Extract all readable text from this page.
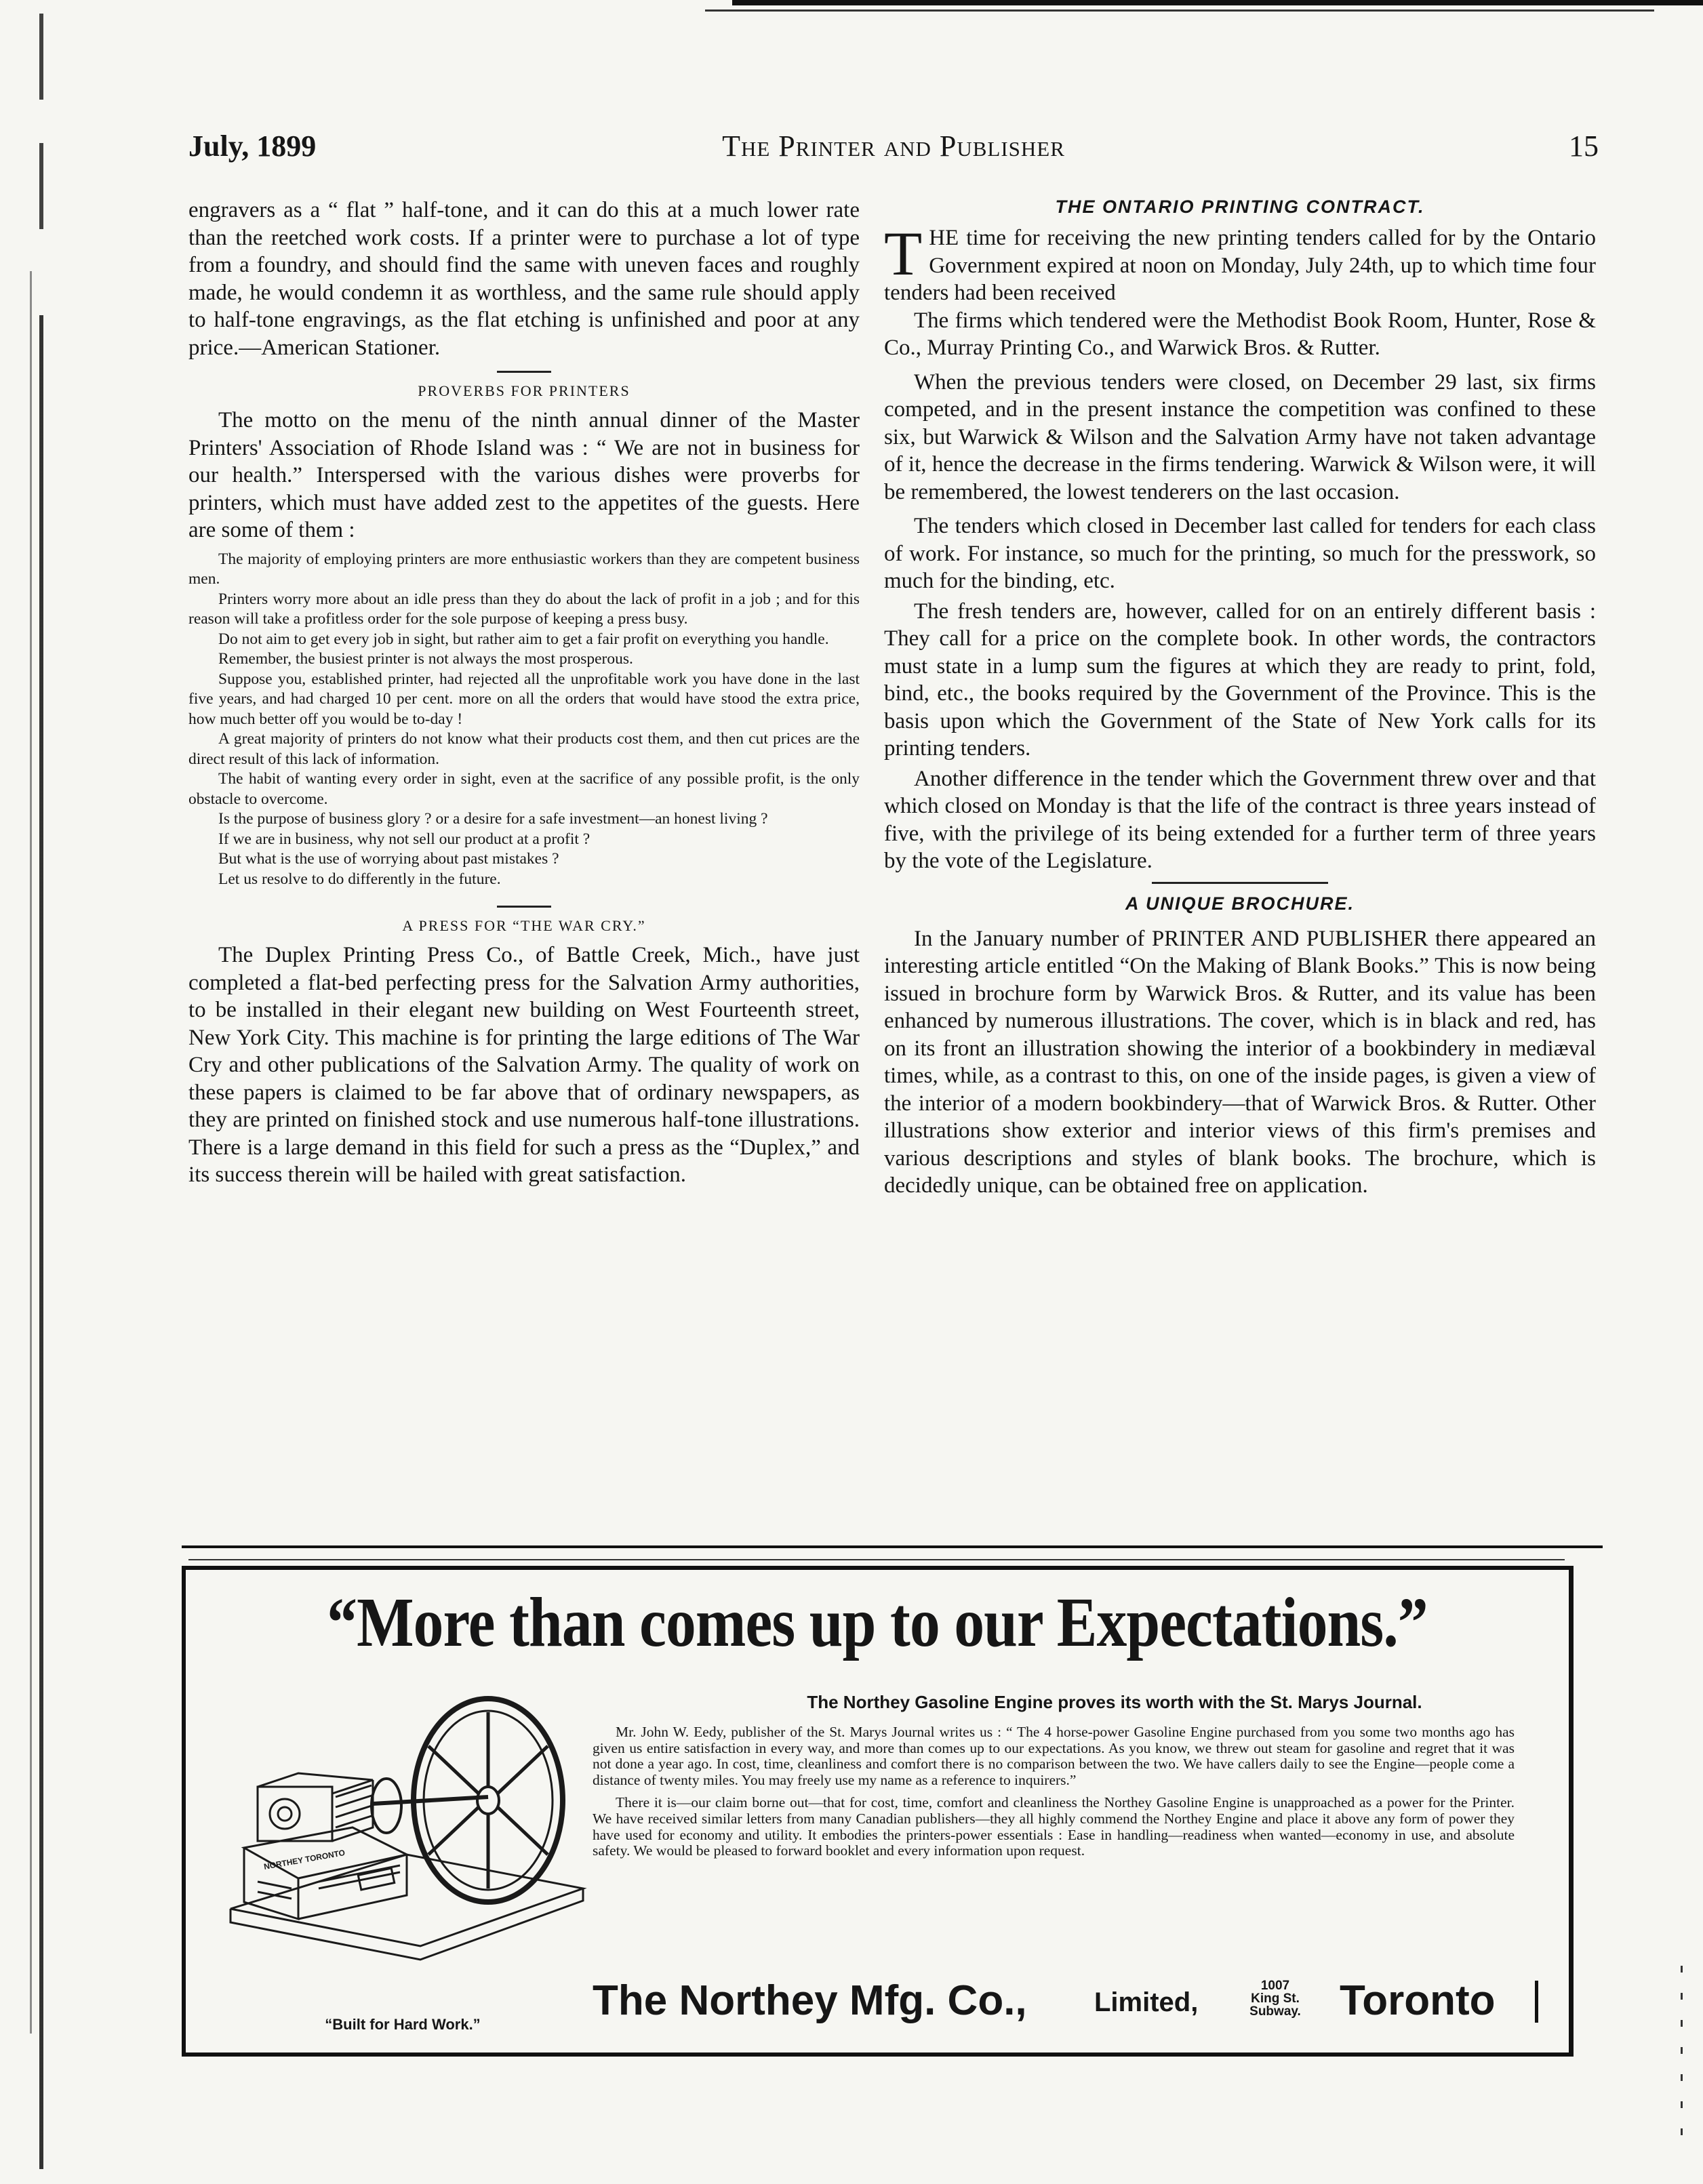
July, 1899	The Printer and Publisher	15

engravers as a “ flat ” half-tone, and it can do this at a much lower rate than the reetched work costs. If a printer were to purchase a lot of type from a foundry, and should find the same with uneven faces and roughly made, he would condemn it as worthless, and the same rule should apply to half-tone engravings, as the flat etching is unfinished and poor at any price.—American Stationer.

PROVERBS FOR PRINTERS

The motto on the menu of the ninth annual dinner of the Master Printers' Association of Rhode Island was : “ We are not in business for our health.” Interspersed with the various dishes were proverbs for printers, which must have added zest to the appetites of the guests. Here are some of them :

The majority of employing printers are more enthusiastic workers than they are competent business men.

Printers worry more about an idle press than they do about the lack of profit in a job ; and for this reason will take a profitless order for the sole purpose of keeping a press busy.

Do not aim to get every job in sight, but rather aim to get a fair profit on everything you handle.

Remember, the busiest printer is not always the most prosperous.

Suppose you, established printer, had rejected all the unprofitable work you have done in the last five years, and had charged 10 per cent. more on all the orders that would have stood the extra price, how much better off you would be to-day !

A great majority of printers do not know what their products cost them, and then cut prices are the direct result of this lack of information.

The habit of wanting every order in sight, even at the sacrifice of any possible profit, is the only obstacle to overcome.

Is the purpose of business glory ? or a desire for a safe investment—an honest living ?

If we are in business, why not sell our product at a profit ?

But what is the use of worrying about past mistakes ?

Let us resolve to do differently in the future.

A PRESS FOR “THE WAR CRY.”

The Duplex Printing Press Co., of Battle Creek, Mich., have just completed a flat-bed perfecting press for the Salvation Army authorities, to be installed in their elegant new building on West Fourteenth street, New York City. This machine is for printing the large editions of The War Cry and other publications of the Salvation Army. The quality of work on these papers is claimed to be far above that of ordinary newspapers, as they are printed on finished stock and use numerous half-tone illustrations. There is a large demand in this field for such a press as the “Duplex,” and its success therein will be hailed with great satisfaction.

THE ONTARIO PRINTING CONTRACT.

THE time for receiving the new printing tenders called for by the Ontario Government expired at noon on Monday, July 24th, up to which time four tenders had been received

The firms which tendered were the Methodist Book Room, Hunter, Rose & Co., Murray Printing Co., and Warwick Bros. & Rutter.

When the previous tenders were closed, on December 29 last, six firms competed, and in the present instance the competition was confined to these six, but Warwick & Wilson and the Salvation Army have not taken advantage of it, hence the decrease in the firms tendering. Warwick & Wilson were, it will be remembered, the lowest tenderers on the last occasion.

The tenders which closed in December last called for tenders for each class of work. For instance, so much for the printing, so much for the presswork, so much for the binding, etc.

The fresh tenders are, however, called for on an entirely different basis : They call for a price on the complete book. In other words, the contractors must state in a lump sum the figures at which they are ready to print, fold, bind, etc., the books required by the Government of the Province. This is the basis upon which the Government of the State of New York calls for its printing tenders.

Another difference in the tender which the Government threw over and that which closed on Monday is that the life of the contract is three years instead of five, with the privilege of its being extended for a further term of three years by the vote of the Legislature.

A UNIQUE BROCHURE.

In the January number of PRINTER AND PUBLISHER there appeared an interesting article entitled “On the Making of Blank Books.” This is now being issued in brochure form by Warwick Bros. & Rutter, and its value has been enhanced by numerous illustrations. The cover, which is in black and red, has on its front an illustration showing the interior of a bookbindery in mediæval times, while, as a contrast to this, on one of the inside pages, is given a view of the interior of a modern bookbindery—that of Warwick Bros. & Rutter. Other illustrations show exterior and interior views of this firm's premises and various descriptions and styles of blank books. The brochure, which is decidedly unique, can be obtained free on application.

“More than comes up to our Expectations.”
The Northey Gasoline Engine proves its worth with the St. Marys Journal.
NORTHEY TORONTO

Mr. John W. Eedy, publisher of the St. Marys Journal writes us : “ The 4 horse-power Gasoline Engine purchased from you some two months ago has given us entire satisfaction in every way, and more than comes up to our expectations. As you know, we threw out steam for gasoline and regret that it was not done a year ago. In cost, time, cleanliness and comfort there is no comparison between the two. We have callers daily to see the Engine—people come a distance of twenty miles. You may freely use my name as a reference to inquirers.”

There it is—our claim borne out—that for cost, time, comfort and cleanliness the Northey Gasoline Engine is unapproached as a power for the Printer. We have received similar letters from many Canadian publishers—they all highly commend the Northey Engine and place it above any form of power they have used for economy and utility. It embodies the printers-power essentials : Ease in handling—readiness when wanted—economy in use, and absolute safety. We would be pleased to forward booklet and every information upon request.

“Built for Hard Work.”
The Northey Mfg. Co., Limited,
1007
King St.
Subway. Toronto
